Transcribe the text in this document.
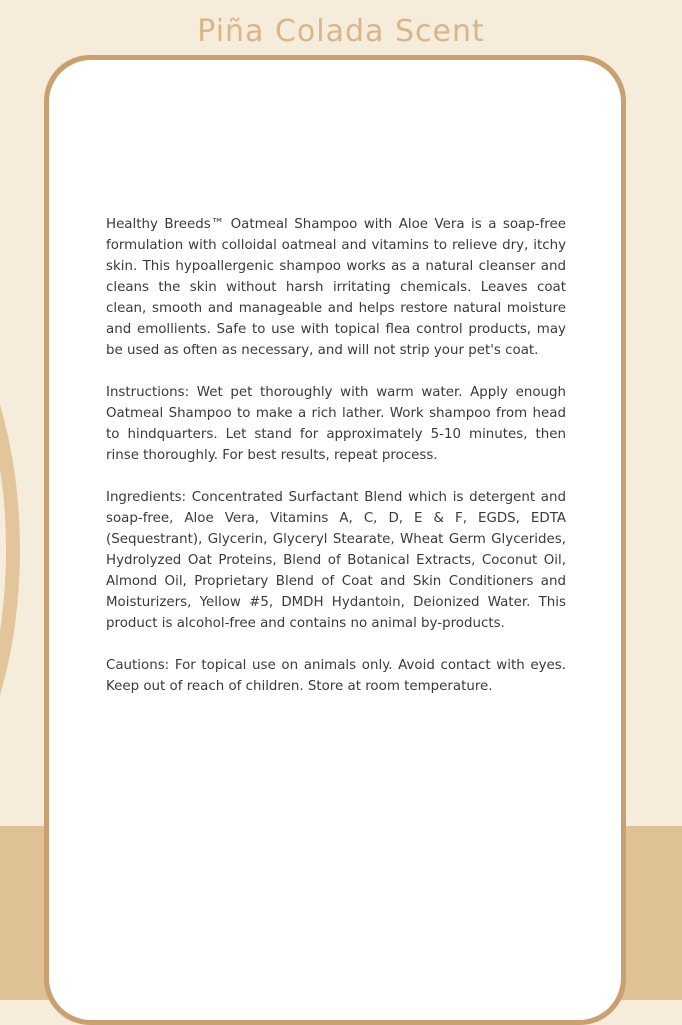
Piña Colada Scent

Healthy Breeds™ Oatmeal Shampoo with Aloe Vera is a soap-free formulation with colloidal oatmeal and vitamins to relieve dry, itchy skin. This hypoallergenic shampoo works as a natural cleanser and cleans the skin without harsh irritating chemicals. Leaves coat clean, smooth and manageable and helps restore natural moisture and emollients. Safe to use with topical flea control products, may be used as often as necessary, and will not strip your pet's coat.

Instructions: Wet pet thoroughly with warm water. Apply enough Oatmeal Shampoo to make a rich lather. Work shampoo from head to hindquarters. Let stand for approximately 5-10 minutes, then rinse thoroughly. For best results, repeat process.

Ingredients: Concentrated Surfactant Blend which is detergent and soap-free, Aloe Vera, Vitamins A, C, D, E & F, EGDS, EDTA (Sequestrant), Glycerin, Glyceryl Stearate, Wheat Germ Glycerides, Hydrolyzed Oat Proteins, Blend of Botanical Extracts, Coconut Oil, Almond Oil, Proprietary Blend of Coat and Skin Conditioners and Moisturizers, Yellow #5, DMDH Hydantoin, Deionized Water. This product is alcohol-free and contains no animal by-products.

Cautions: For topical use on animals only. Avoid contact with eyes. Keep out of reach of children. Store at room temperature.
